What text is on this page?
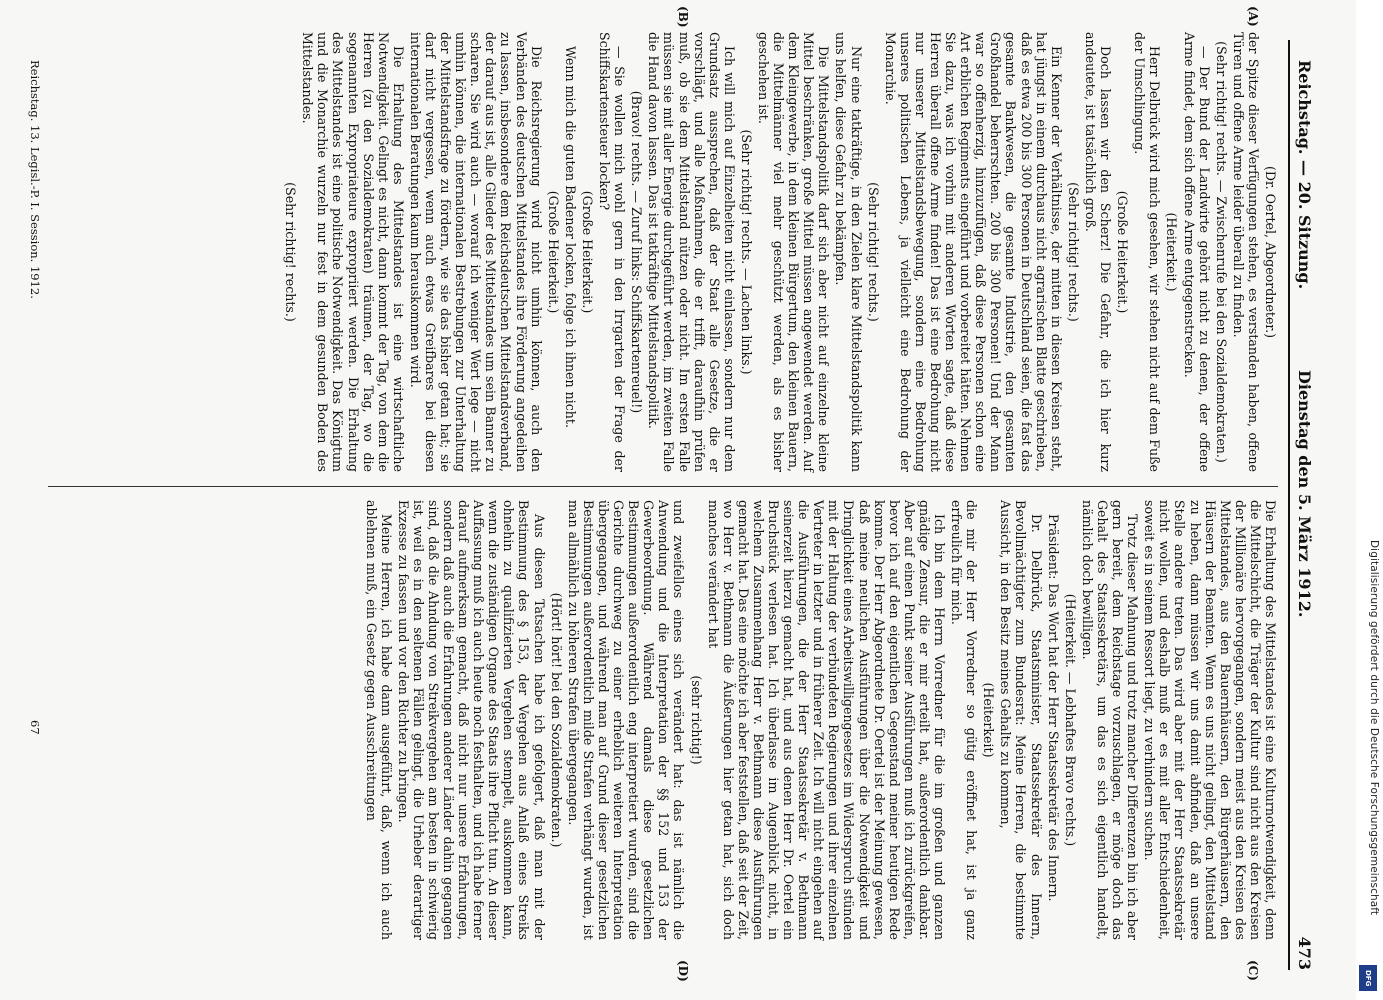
Reichstag. — 20. Sitzung.
Dienstag den 5. März 1912.
473
(A)
(B)
(C)
(D)

(Dr. Oertel, Abgeordneter.)

der Spitze dieser Verfügungen stehen, es verstanden haben, offene Türen und offene Arme leider überall zu finden.

(Sehr richtig! rechts. — Zwischenrufe bei den Sozialdemokraten.)

— Der Bund der Landwirte gehört nicht zu denen, der offene Arme findet, dem sich offene Arme entgegenstrecken.

(Heiterkeit.)

Herr Delbrück wird mich gesehen, wir stehen nicht auf dem Fuße der Umschlingung.

(Große Heiterkeit.)

Doch lassen wir den Scherz! Die Gefahr, die ich hier kurz andeutete, ist tatsächlich groß.

(Sehr richtig! rechts.)

Ein Kenner der Verhältnisse, der mitten in diesen Kreisen steht, hat jüngst in einem durchaus nicht agrarischen Blatte geschrieben, daß es etwa 200 bis 300 Personen in Deutschland seien, die fast das gesamte Bankwesen, die gesamte Industrie, den gesamten Großhandel beherrschten. 200 bis 300 Personen! Und der Mann war so offenherzig, hinzuzufügen, daß diese Personen schon eine Art erblichen Regiments eingeführt und vorbereitet hätten. Nehmen Sie dazu, was ich vorhin mit anderen Worten sagte, daß diese Herren überall offene Arme finden! Das ist eine Bedrohung nicht nur unserer Mittelstandsbewegung, sondern eine Bedrohung unseres politischen Lebens, ja vielleicht eine Bedrohung der Monarchie.

(Sehr richtig! rechts.)

Nur eine tatkräftige, in den Zielen klare Mittelstandspolitik kann uns helfen, diese Gefahr zu bekämpfen.

Die Mittelstandspolitik darf sich aber nicht auf einzelne kleine Mittel beschränken, große Mittel müssen angewendet werden. Auf dem Kleingewerbe, in dem kleinen Bürgertum, den kleinen Bauern, die Mittelmänner viel mehr geschützt werden, als es bisher geschehen ist.

(Sehr richtig! rechts. — Lachen links.)

Ich will mich auf Einzelheiten nicht einlassen, sondern nur dem Grundsatz aussprechen, daß der Staat alle Gesetze, die er vorschlägt, und alle Maßnahmen, die er trifft, daraufhin prüfen muß, ob sie dem Mittelstand nützen oder nicht. Im ersten Falle müssen sie mit aller Energie durchgeführt werden, im zweiten Falle die Hand davon lassen. Das ist tatkräftige Mittelstandspolitik.

(Bravo! rechts. — Zuruf links: Schiffskartenreuel!)

— Sie wollen mich wohl gern in den Irrgarten der Frage der Schiffskartensteuer locken?

(Große Heiterkeit.)

Wenn mich die guten Badener locken, folge ich ihnen nicht.

(Große Heiterkeit.)

Die Reichsregierung wird nicht umhin können, auch den Verbänden des deutschen Mittelstandes ihre Förderung angedeihen zu lassen, insbesondere dem Reichsdeutschen Mittelstandsverband, der darauf aus ist, alle Glieder des Mittelstandes um sein Banner zu scharen. Sie wird auch — worauf ich weniger Wert lege — nicht umhin können, die internationalen Bestrebungen zur Unterhaltung der Mittelstandsfrage zu fördern, wie sie das bisher getan hat; sie darf nicht vergessen, wenn auch etwas Greifbares bei diesen internationalen Beratungen kaum herauskommen wird.

Die Erhaltung des Mittelstandes ist eine wirtschaftliche Notwendigkeit. Gelingt es nicht, dann kommt der Tag, von dem die Herren (zu den Sozialdemokraten) träumen, der Tag, wo die sogenannten Expropriateure expropriiert werden. Die Erhaltung des Mittelstandes ist eine politische Notwendigkeit. Das Königtum und die Monarchie wurzeln nur fest in dem gesunden Boden des Mittelstandes.

(Sehr richtig! rechts.)

Die Erhaltung des Mittelstandes ist eine Kulturnotwendigkeit, denn die Mittelschicht, die Träger der Kultur sind nicht aus den Kreisen der Millionäre hervorgegangen, sondern meist aus den Kreisen des Mittelstandes, aus den Bauernhäusern, den Bürgerhäusern, den Häusern der Beamten. Wenn es uns nicht gelingt, den Mittelstand zu heben, dann müssen wir uns damit abfinden, daß an unsere Stelle andere treten. Das wird aber mit der Herr Staatssekretär nicht wollen, und deshalb muß er es mit aller Entschiedenheit, soweit es in seinem Ressort liegt, zu verhindern suchen.

Trotz dieser Mahnung und trotz mancher Differenzen bin ich aber gern bereit, dem Reichstage vorzuschlagen, er möge doch das Gehalt des Staatssekretärs, um das es sich eigentlich handelt, nämlich doch bewilligen.

(Heiterkeit. — Lebhaftes Bravo rechts.)

Präsident: Das Wort hat der Herr Staatssekretär des Innern.

Dr. Delbrück, Staatsminister, Staatssekretär des Innern, Bevollmächtigter zum Bundesrat: Meine Herren, die bestimmte Aussicht, in den Besitz meines Gehalts zu kommen,

(Heiterkeit)

die mir der Herr Vorredner so gütig eröffnet hat, ist ja ganz erfreulich für mich.

Ich bin dem Herrn Vorredner für die im großen und ganzen gnädige Zensur, die er mir erteilt hat, außerordentlich dankbar. Aber auf einen Punkt seiner Ausführungen muß ich zurückgreifen, bevor ich auf den eigentlichen Gegenstand meiner heutigen Rede komme. Der Herr Abgeordnete Dr. Oertel ist der Meinung gewesen, daß meine neulichen Ausführungen über die Notwendigkeit und Dringlichkeit eines Arbeitswilligengesetzes im Widerspruch stünden mit der Haltung der verbündeten Regierungen und ihrer einzelnen Vertreter in letzter und in früherer Zeit. Ich will nicht eingehen auf die Ausführungen, die der Herr Staatssekretär v. Bethmann seinerzeit hierzu gemacht hat, und aus denen Herr Dr. Oertel ein Bruchstück verlesen hat. Ich überlasse im Augenblick nicht, in welchem Zusammenhang Herr v. Bethmann diese Ausführungen gemacht hat. Das eine möchte ich aber feststellen, daß seit der Zeit, wo Herr v. Bethmann die Äußerungen hier getan hat, sich doch manches verändert hat

(sehr richtig!)

und zweifellos eines sich verändert hat: das ist nämlich die Anwendung und die Interpretation der §§ 152 und 153 der Gewerbeordnung. Während damals diese gesetzlichen Bestimmungen außerordentlich eng interpretiert wurden, sind die Gerichte durchweg zu einer erheblich weiteren Interpretation übergegangen, und während man auf Grund dieser gesetzlichen Bestimmungen außerordentlich milde Strafen verhängt wurden, ist man allmählich zu höheren Strafen übergegangen.

(Hört! hört! bei den Sozialdemokraten.)

Aus diesen Tatsachen habe ich gefolgert, daß man mit der Bestimmung des § 153, der Vergehen aus Anlaß eines Streiks ohnehin zu qualifizierten Vergehen stempelt, auskommen kann, wenn die zuständigen Organe des Staats ihre Pflicht tun. An dieser Auffassung muß ich auch heute noch festhalten, und ich habe ferner darauf aufmerksam gemacht, daß nicht nur unsere Erfahrungen, sondern daß auch die Erfahrungen anderer Länder dahin gegangen sind, daß die Ahndung von Streikvergehen am besten in schwierig ist, weil es in den seltenen Fällen gelingt, die Urheber derartiger Exzesse zu fassen und vor den Richter zu bringen.

Meine Herren, ich habe dann ausgeführt, daß, wenn ich auch ablehnen muß, ein Gesetz gegen Ausschreitungen

Reichstag. 13. Legisl.-P. I. Session. 1912.
67	Digitalisierung gefördert durch die Deutsche Forschungsgemeinschaft
DFG
